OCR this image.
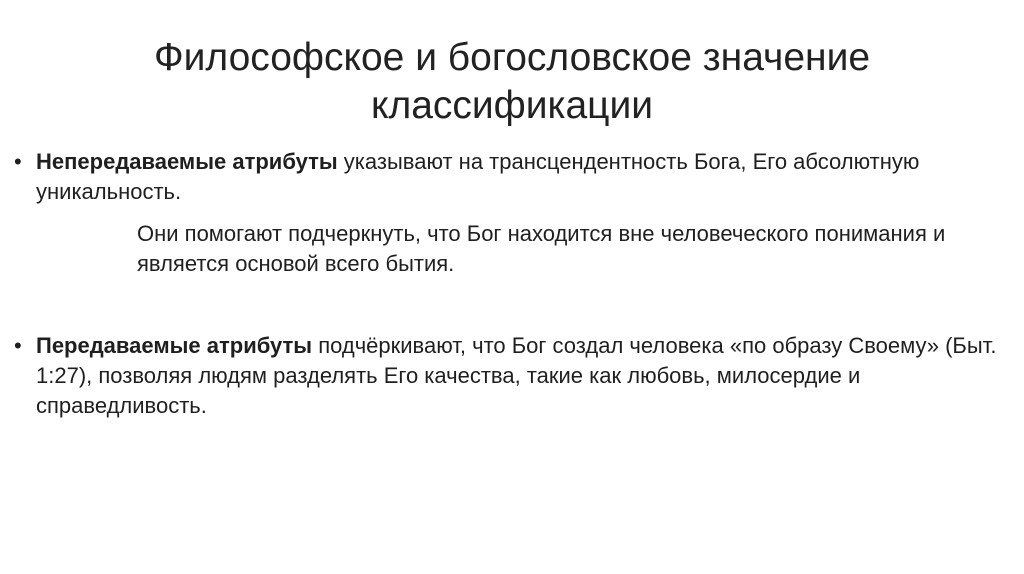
Философское и богословское значение
классификации
• Непередаваемые атрибуты указывают на трансцендентность Бога, Его абсолютную уникальность.
Они помогают подчеркнуть, что Бог находится вне человеческого понимания и является основой всего бытия.
• Передаваемые атрибуты подчёркивают, что Бог создал человека «по образу Своему» (Быт. 1:27), позволяя людям разделять Его качества, такие как любовь, милосердие и справедливость.
